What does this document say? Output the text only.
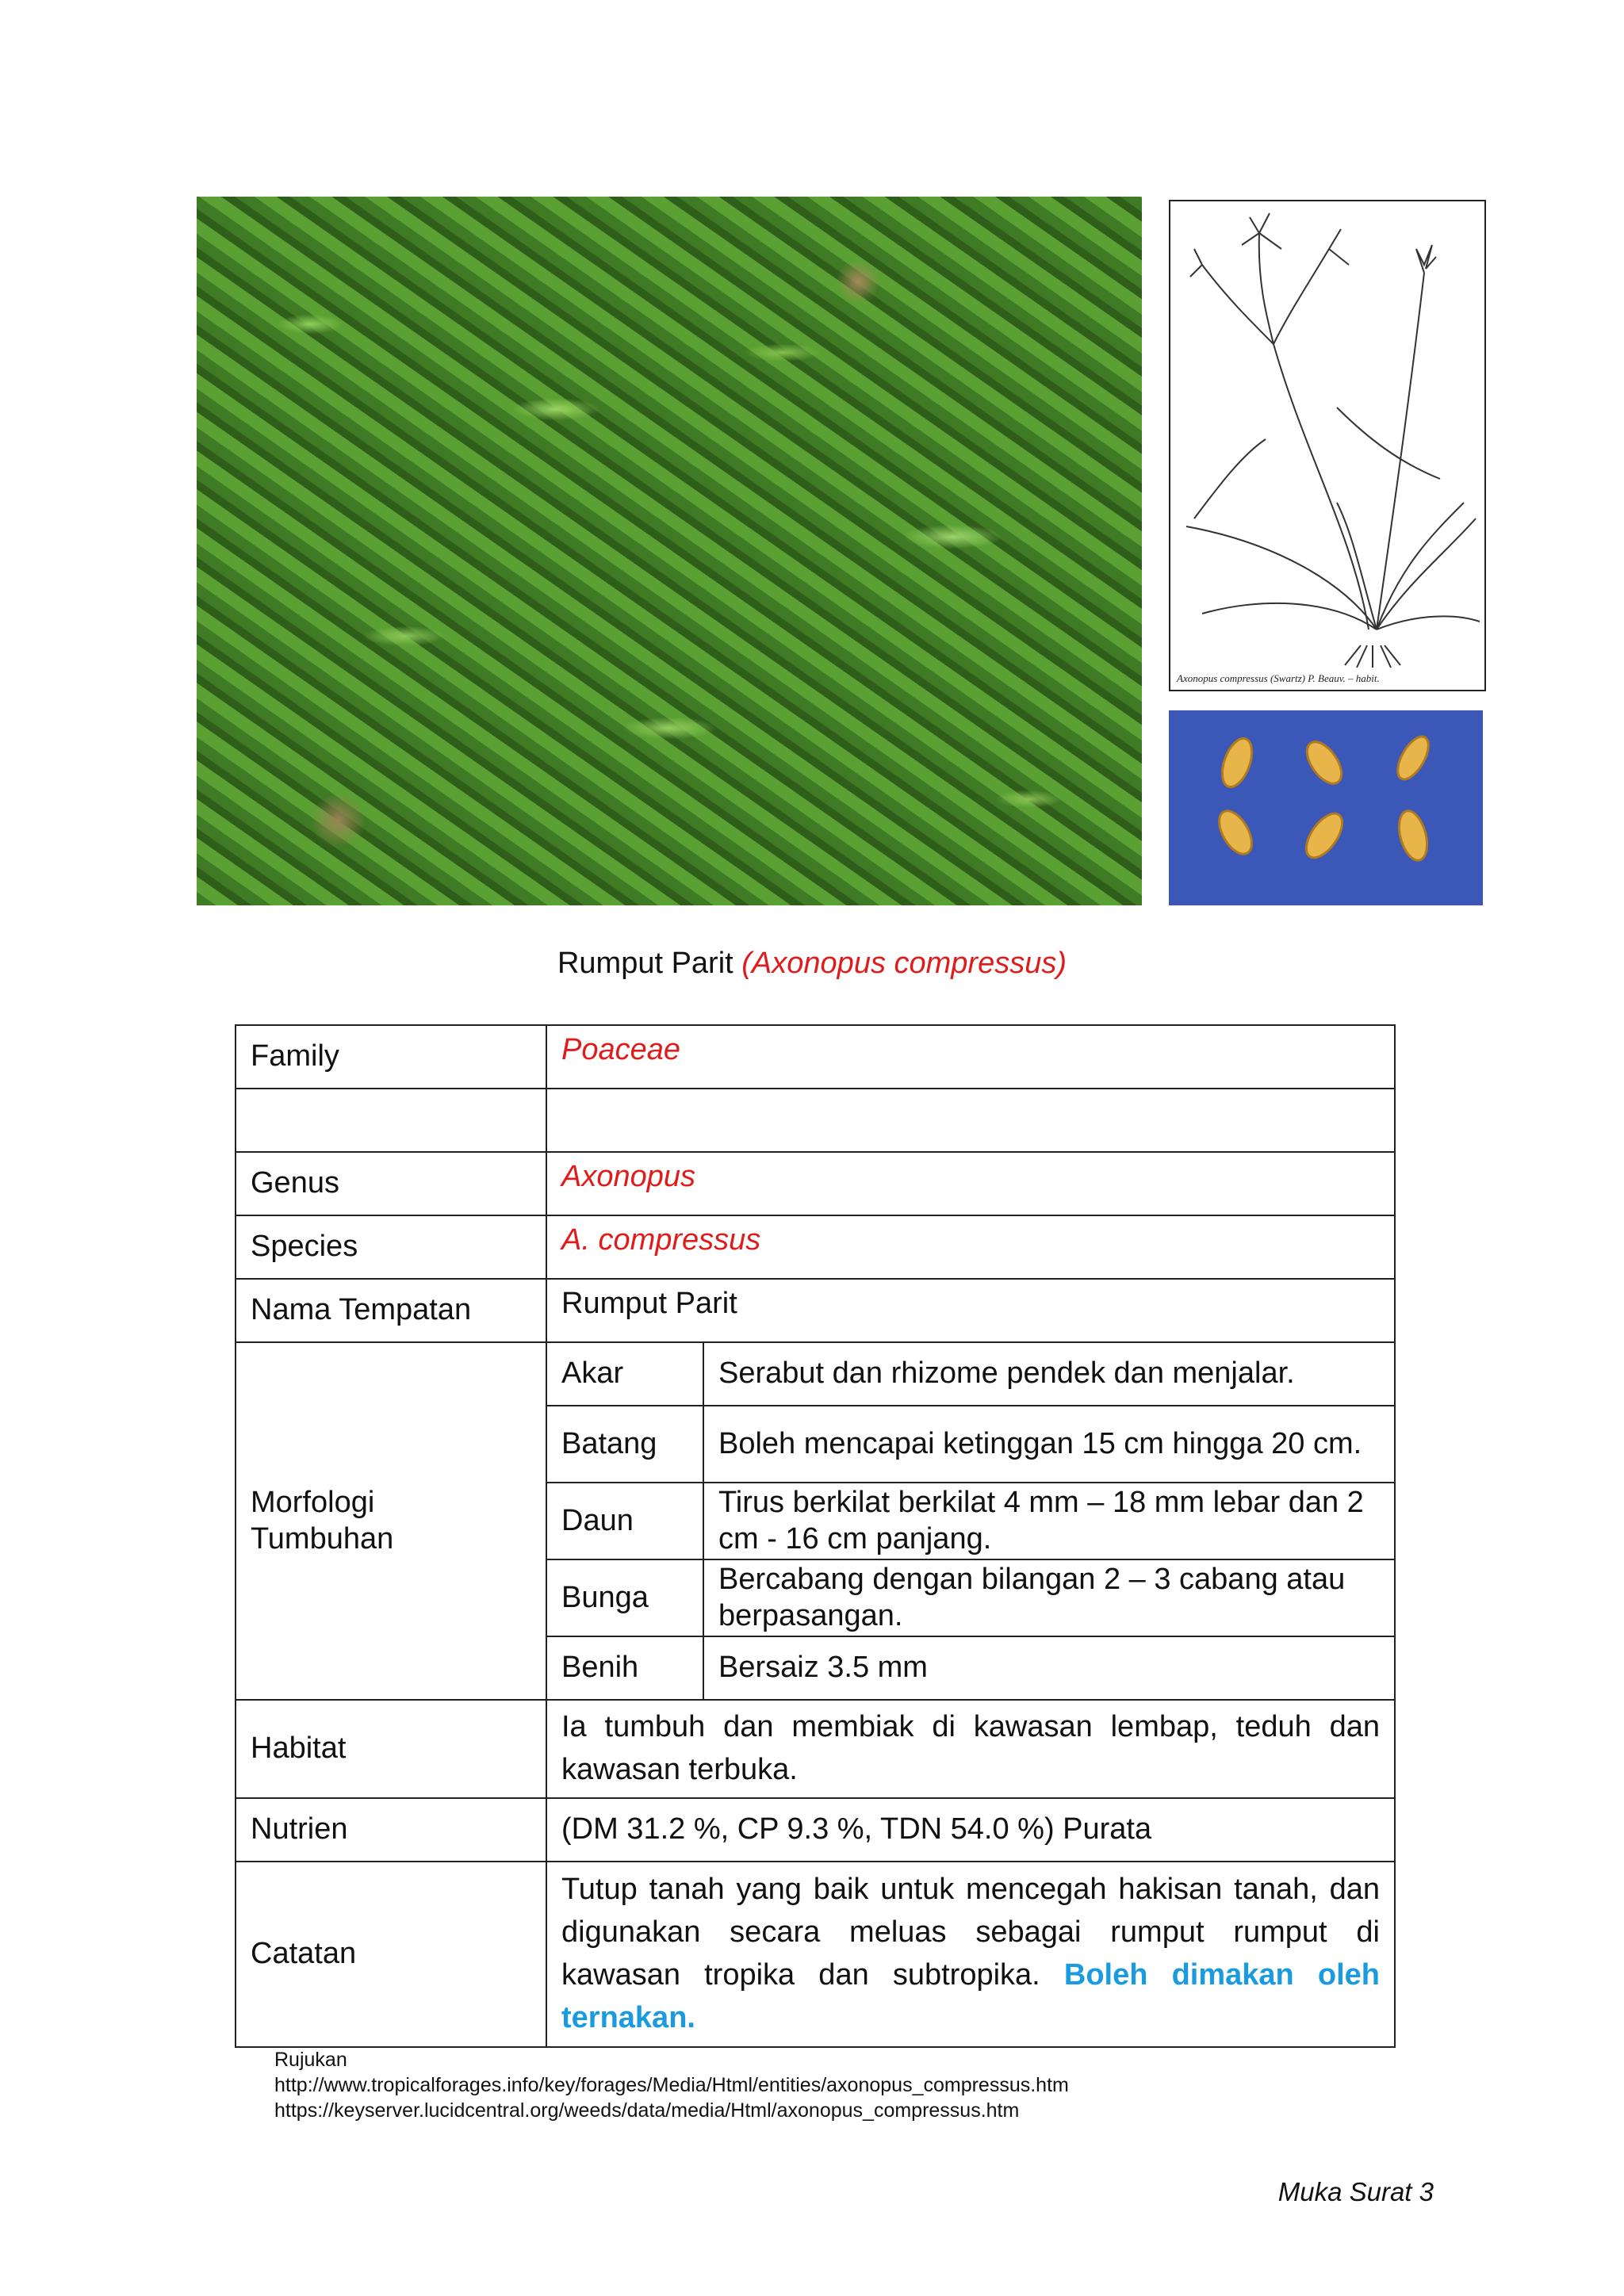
Axonopus compressus (Swartz) P. Beauv. – habit.
Rumput Parit (Axonopus compressus)
Family	Poaceae	

Genus	Axonopus	
Species	A. compressus	
Nama Tempatan	Rumput Parit	
Morfologi
Tumbuhan	Akar	Serabut dan rhizome pendek dan menjalar.
	Batang	Boleh mencapai ketinggan 15 cm hingga 20 cm.
	Daun	Tirus berkilat berkilat 4 mm – 18 mm lebar dan 2 cm - 16 cm panjang.
	Bunga	Bercabang dengan bilangan 2 – 3 cabang atau berpasangan.
	Benih	Bersaiz 3.5 mm
Habitat	Ia tumbuh dan membiak di kawasan lembap, teduh dan kawasan terbuka.	
Nutrien	(DM 31.2 %, CP 9.3 %, TDN 54.0 %) Purata	
Catatan	Tutup tanah yang baik untuk mencegah hakisan tanah, dan digunakan secara meluas sebagai rumput rumput di kawasan tropika dan subtropika. Boleh dimakan oleh ternakan.	
Rujukan
http://www.tropicalforages.info/key/forages/Media/Html/entities/axonopus_compressus.htm
https://keyserver.lucidcentral.org/weeds/data/media/Html/axonopus_compressus.htm
Muka Surat 3
